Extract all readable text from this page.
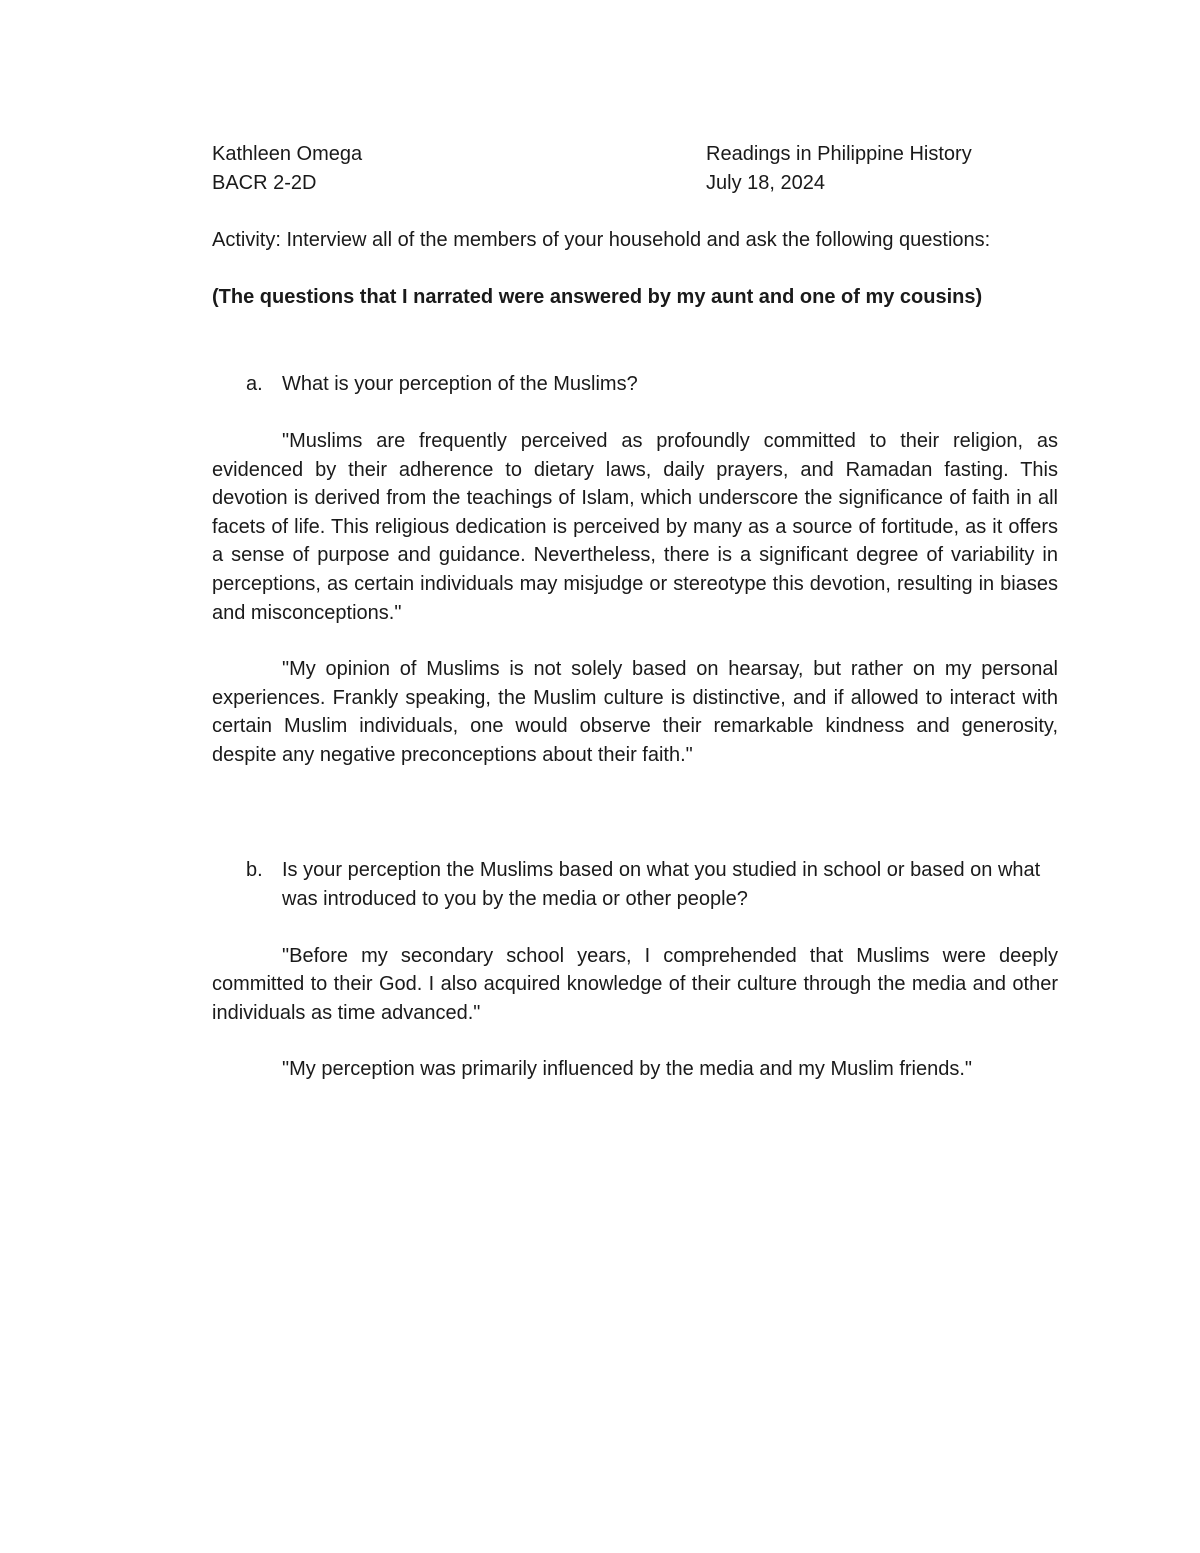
Kathleen Omega	Readings in Philippine History
BACR 2-2D	July 18, 2024
Activity: Interview all of the members of your household and ask the following questions:
(The questions that I narrated were answered by my aunt and one of my cousins)
a. What is your perception of the Muslims?

"Muslims are frequently perceived as profoundly committed to their religion, as evidenced by their adherence to dietary laws, daily prayers, and Ramadan fasting. This devotion is derived from the teachings of Islam, which underscore the significance of faith in all facets of life. This religious dedication is perceived by many as a source of fortitude, as it offers a sense of purpose and guidance. Nevertheless, there is a significant degree of variability in perceptions, as certain individuals may misjudge or stereotype this devotion, resulting in biases and misconceptions."

"My opinion of Muslims is not solely based on hearsay, but rather on my personal experiences. Frankly speaking, the Muslim culture is distinctive, and if allowed to interact with certain Muslim individuals, one would observe their remarkable kindness and generosity, despite any negative preconceptions about their faith."

b. Is your perception the Muslims based on what you studied in school or based on what was introduced to you by the media or other people?

"Before my secondary school years, I comprehended that Muslims were deeply committed to their God. I also acquired knowledge of their culture through the media and other individuals as time advanced."

"My perception was primarily influenced by the media and my Muslim friends."
